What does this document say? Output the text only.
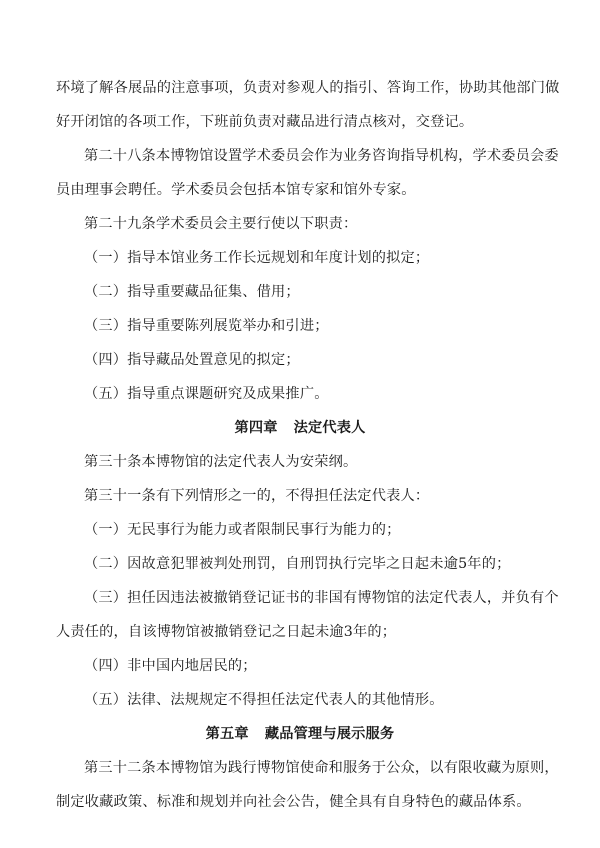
环境了解各展品的注意事项，负责对参观人的指引、答询工作，协助其他部门做
好开闭馆的各项工作，下班前负责对藏品进行清点核对，交登记。
第二十八条本博物馆设置学术委员会作为业务咨询指导机构，学术委员会委
员由理事会聘任。学术委员会包括本馆专家和馆外专家。
第二十九条学术委员会主要行使以下职责：
（一）指导本馆业务工作长远规划和年度计划的拟定；
（二）指导重要藏品征集、借用；
（三）指导重要陈列展览举办和引进；
（四）指导藏品处置意见的拟定；
（五）指导重点课题研究及成果推广。
第四章 法定代表人
第三十条本博物馆的法定代表人为安荣纲。
第三十一条有下列情形之一的，不得担任法定代表人：
（一）无民事行为能力或者限制民事行为能力的；
（二）因故意犯罪被判处刑罚，自刑罚执行完毕之日起未逾5年的；
（三）担任因违法被撤销登记证书的非国有博物馆的法定代表人，并负有个
人责任的，自该博物馆被撤销登记之日起未逾3年的；
（四）非中国内地居民的；
（五）法律、法规规定不得担任法定代表人的其他情形。
第五章 藏品管理与展示服务
第三十二条本博物馆为践行博物馆使命和服务于公众，以有限收藏为原则，
制定收藏政策、标准和规划并向社会公告，健全具有自身特色的藏品体系。
